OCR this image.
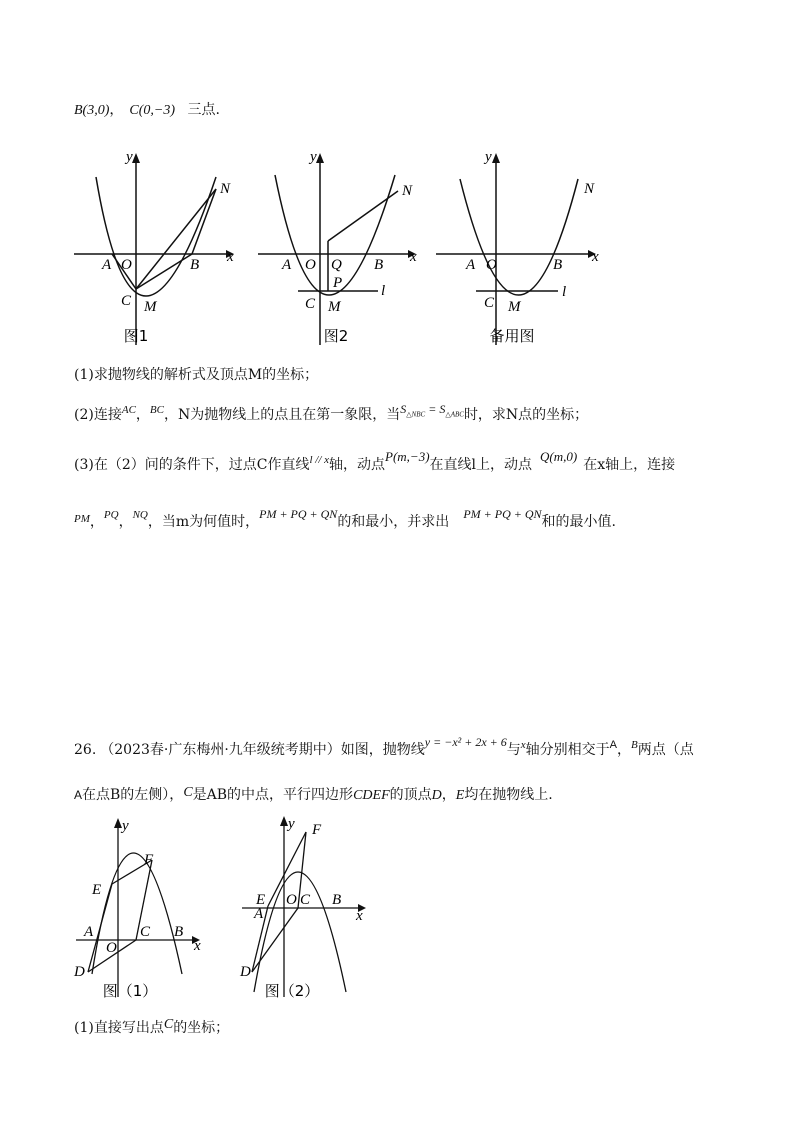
B(3,0)， C(0,−3) 三点.
y
x
A O	B
C M
N
图1
y
x
A O Q B
P
C M
N
l
图2
y
x
A O	B
C M
N
l
备用图
(1)求抛物线的解析式及顶点M的坐标；
(2)连接$^{AC}$，$^{BC}$，N为抛物线上的点且在第一象限，当$S_{\triangle NBC} = S_{\triangle ABC}$时，求N点的坐标；
(3)在（2）问的条件下，过点C作直线$^{l // x}$轴，动点P(m,−3)在直线l上，动点Q(m,0)在x轴上，连接
$^{PM}$，$^{PQ}$，$^{NQ}$，当m为何值时，PM + PQ + QN的和最小，并求出 PM + PQ + QN和的最小值.
26. （2023春·广东梅州·九年级统考期中）如图，抛物线y = −x² + 2x + 6与$^x$轴分别相交于$^A$，$^B$两点（点
A在点B的左侧），C是AB的中点，平行四边形CDEF的顶点D，E均在抛物线上.
y
x
F
E
A
O
C B
D
图（1）
y
x
F
E
A
O C B
D
图（2）
(1)直接写出点C的坐标；
